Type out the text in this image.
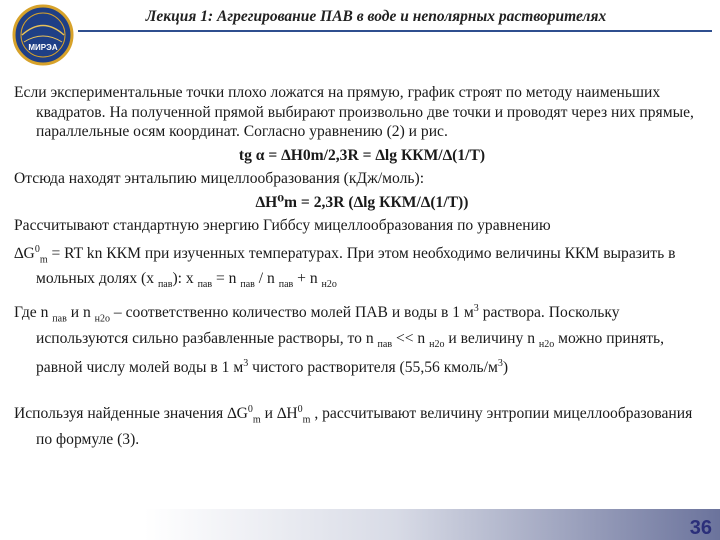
МИРЭА
Лекция 1: Агрегирование ПАВ в воде и неполярных растворителях

Если экспериментальные точки плохо ложатся на прямую, график строят по методу наименьших квадратов. На полученной прямой выбирают произвольно две точки и проводят через них прямые, параллельные осям координат. Согласно уравнению (2) и рис.

tg α = ∆H0m/2,3R = ∆lg ККМ/∆(1/T)

Отсюда находят энтальпию мицеллообразования (кДж/моль):

∆H⁰m = 2,3R (∆lg ККМ/∆(1/T))

Рассчитывают стандартную энергию Гиббсу мицеллообразования по уравнению

$\Delta G^0_m$ = RT kn ККМ при изученных температурах. При этом необходимо величины ККМ выразить в мольных долях (x $_{пав}$): x $_{пав}$ = n $_{пав}$ / n $_{пав}$ + n $_{н2о}$

Где n $_{пав}$ и n $_{н2о}$ – соответственно количество молей ПАВ и воды в 1 $м^3$ раствора. Поскольку используются сильно разбавленные растворы, то n $_{пав}$ << n $_{н2о}$ и величину n $_{н2о}$ можно принять, равной числу молей воды в 1 $м^3$ чистого растворителя (55,56 кмоль/$м^3$)

Используя найденные значения $\Delta G^0_m$ и $\Delta H^0_m$ , рассчитывают величину энтропии мицеллообразования по формуле (3).

36
